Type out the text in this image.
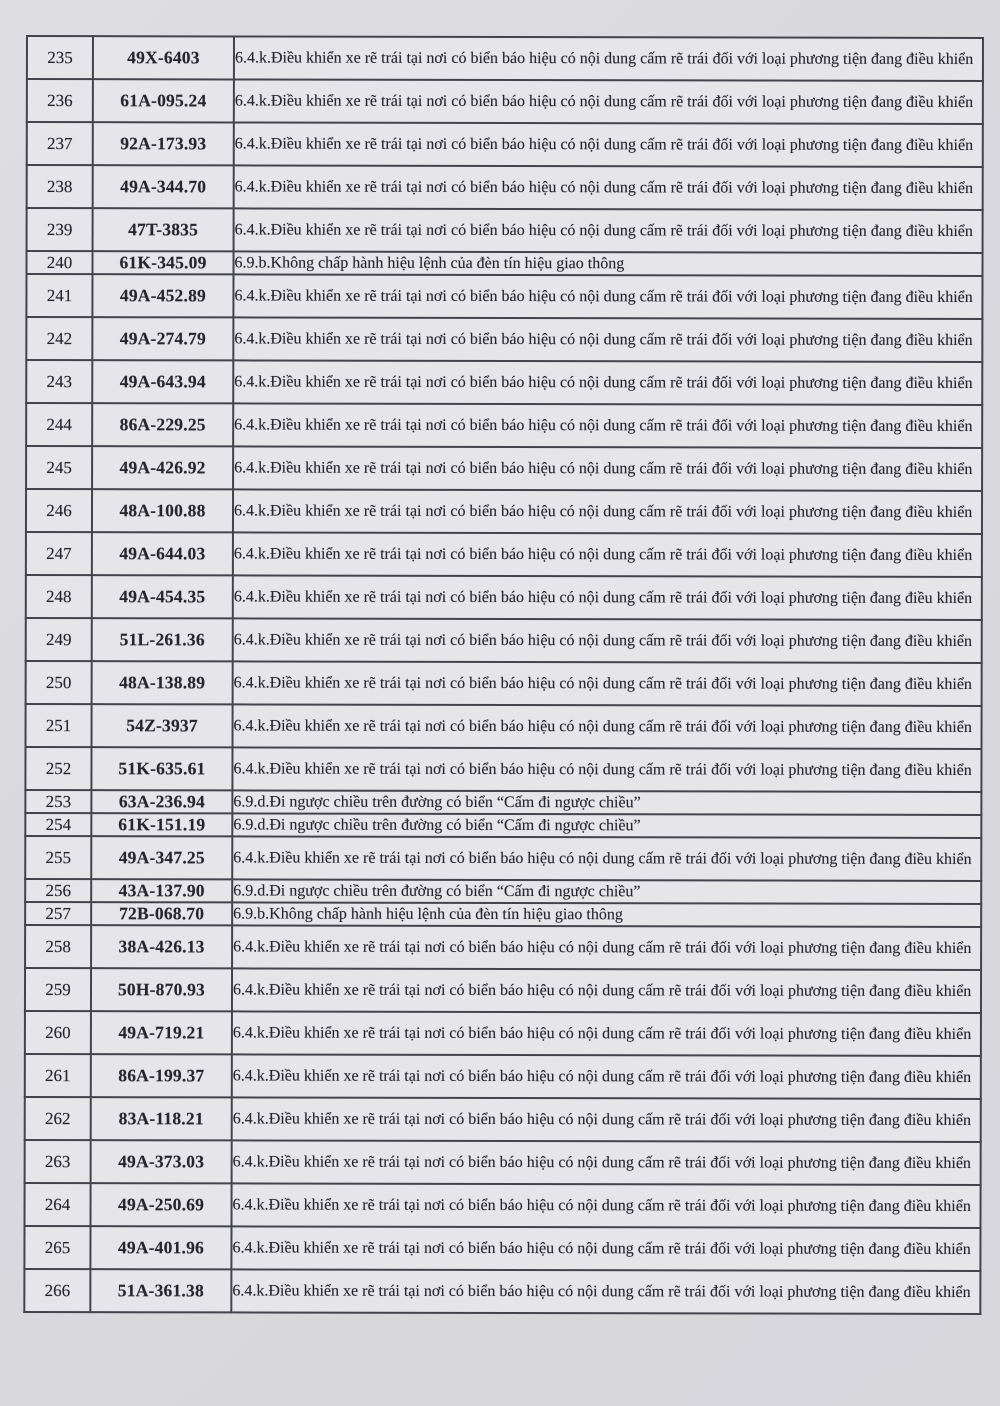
235	49X-6403	6.4.k.Điều khiển xe rẽ trái tại nơi có biển báo hiệu có nội dung cấm rẽ trái đối với loại phương tiện đang điều khiển
236	61A-095.24	6.4.k.Điều khiển xe rẽ trái tại nơi có biển báo hiệu có nội dung cấm rẽ trái đối với loại phương tiện đang điều khiển
237	92A-173.93	6.4.k.Điều khiển xe rẽ trái tại nơi có biển báo hiệu có nội dung cấm rẽ trái đối với loại phương tiện đang điều khiển
238	49A-344.70	6.4.k.Điều khiển xe rẽ trái tại nơi có biển báo hiệu có nội dung cấm rẽ trái đối với loại phương tiện đang điều khiển
239	47T-3835	6.4.k.Điều khiển xe rẽ trái tại nơi có biển báo hiệu có nội dung cấm rẽ trái đối với loại phương tiện đang điều khiển
240	61K-345.09	6.9.b.Không chấp hành hiệu lệnh của đèn tín hiệu giao thông
241	49A-452.89	6.4.k.Điều khiển xe rẽ trái tại nơi có biển báo hiệu có nội dung cấm rẽ trái đối với loại phương tiện đang điều khiển
242	49A-274.79	6.4.k.Điều khiển xe rẽ trái tại nơi có biển báo hiệu có nội dung cấm rẽ trái đối với loại phương tiện đang điều khiển
243	49A-643.94	6.4.k.Điều khiển xe rẽ trái tại nơi có biển báo hiệu có nội dung cấm rẽ trái đối với loại phương tiện đang điều khiển
244	86A-229.25	6.4.k.Điều khiển xe rẽ trái tại nơi có biển báo hiệu có nội dung cấm rẽ trái đối với loại phương tiện đang điều khiển
245	49A-426.92	6.4.k.Điều khiển xe rẽ trái tại nơi có biển báo hiệu có nội dung cấm rẽ trái đối với loại phương tiện đang điều khiển
246	48A-100.88	6.4.k.Điều khiển xe rẽ trái tại nơi có biển báo hiệu có nội dung cấm rẽ trái đối với loại phương tiện đang điều khiển
247	49A-644.03	6.4.k.Điều khiển xe rẽ trái tại nơi có biển báo hiệu có nội dung cấm rẽ trái đối với loại phương tiện đang điều khiển
248	49A-454.35	6.4.k.Điều khiển xe rẽ trái tại nơi có biển báo hiệu có nội dung cấm rẽ trái đối với loại phương tiện đang điều khiển
249	51L-261.36	6.4.k.Điều khiển xe rẽ trái tại nơi có biển báo hiệu có nội dung cấm rẽ trái đối với loại phương tiện đang điều khiển
250	48A-138.89	6.4.k.Điều khiển xe rẽ trái tại nơi có biển báo hiệu có nội dung cấm rẽ trái đối với loại phương tiện đang điều khiển
251	54Z-3937	6.4.k.Điều khiển xe rẽ trái tại nơi có biển báo hiệu có nội dung cấm rẽ trái đối với loại phương tiện đang điều khiển
252	51K-635.61	6.4.k.Điều khiển xe rẽ trái tại nơi có biển báo hiệu có nội dung cấm rẽ trái đối với loại phương tiện đang điều khiển
253	63A-236.94	6.9.d.Đi ngược chiều trên đường có biển “Cấm đi ngược chiều”
254	61K-151.19	6.9.d.Đi ngược chiều trên đường có biển “Cấm đi ngược chiều”
255	49A-347.25	6.4.k.Điều khiển xe rẽ trái tại nơi có biển báo hiệu có nội dung cấm rẽ trái đối với loại phương tiện đang điều khiển
256	43A-137.90	6.9.d.Đi ngược chiều trên đường có biển “Cấm đi ngược chiều”
257	72B-068.70	6.9.b.Không chấp hành hiệu lệnh của đèn tín hiệu giao thông
258	38A-426.13	6.4.k.Điều khiển xe rẽ trái tại nơi có biển báo hiệu có nội dung cấm rẽ trái đối với loại phương tiện đang điều khiển
259	50H-870.93	6.4.k.Điều khiển xe rẽ trái tại nơi có biển báo hiệu có nội dung cấm rẽ trái đối với loại phương tiện đang điều khiển
260	49A-719.21	6.4.k.Điều khiển xe rẽ trái tại nơi có biển báo hiệu có nội dung cấm rẽ trái đối với loại phương tiện đang điều khiển
261	86A-199.37	6.4.k.Điều khiển xe rẽ trái tại nơi có biển báo hiệu có nội dung cấm rẽ trái đối với loại phương tiện đang điều khiển
262	83A-118.21	6.4.k.Điều khiển xe rẽ trái tại nơi có biển báo hiệu có nội dung cấm rẽ trái đối với loại phương tiện đang điều khiển
263	49A-373.03	6.4.k.Điều khiển xe rẽ trái tại nơi có biển báo hiệu có nội dung cấm rẽ trái đối với loại phương tiện đang điều khiển
264	49A-250.69	6.4.k.Điều khiển xe rẽ trái tại nơi có biển báo hiệu có nội dung cấm rẽ trái đối với loại phương tiện đang điều khiển
265	49A-401.96	6.4.k.Điều khiển xe rẽ trái tại nơi có biển báo hiệu có nội dung cấm rẽ trái đối với loại phương tiện đang điều khiển
266	51A-361.38	6.4.k.Điều khiển xe rẽ trái tại nơi có biển báo hiệu có nội dung cấm rẽ trái đối với loại phương tiện đang điều khiển
